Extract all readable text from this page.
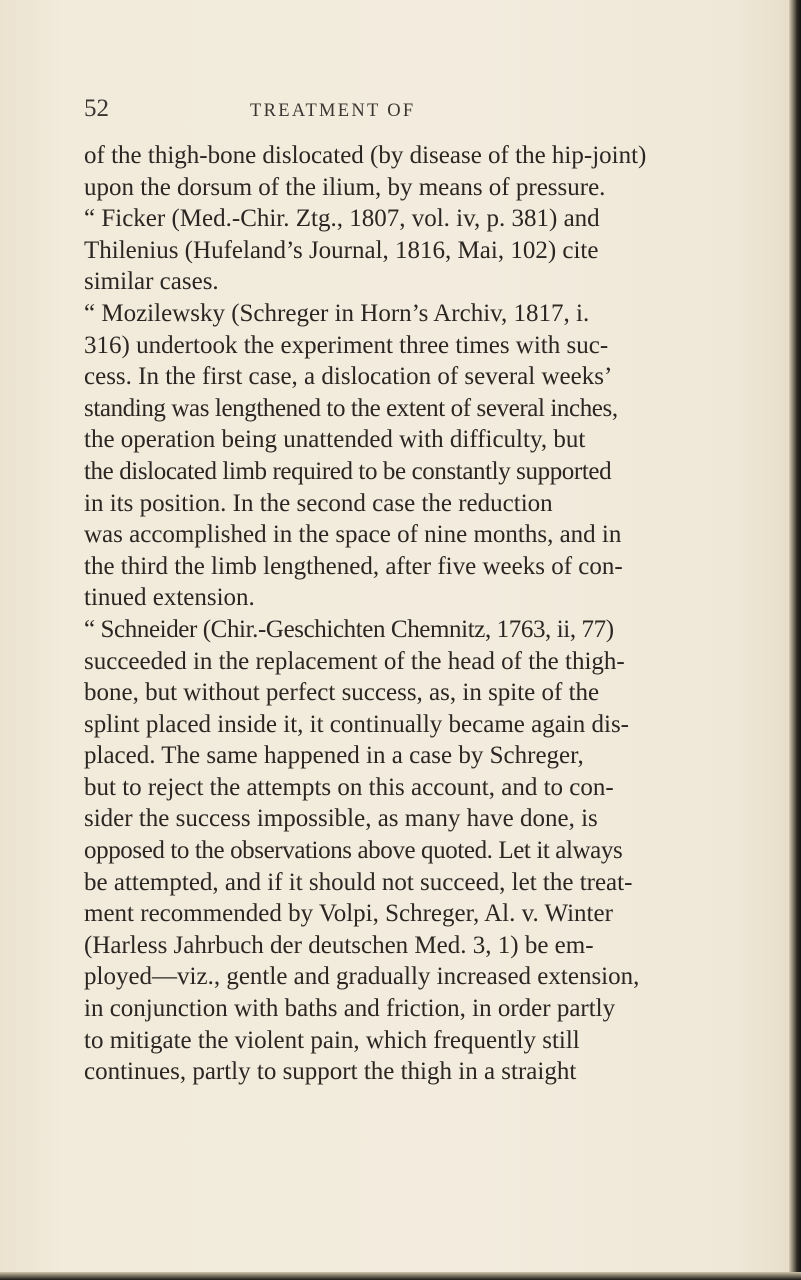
52	TREATMENT OF
of the thigh-bone dislocated (by disease of the hip-joint)
upon the dorsum of the ilium, by means of pressure.
“ Ficker (Med.-Chir. Ztg., 1807, vol. iv, p. 381) and
Thilenius (Hufeland’s Journal, 1816, Mai, 102) cite
similar cases.
“ Mozilewsky (Schreger in Horn’s Archiv, 1817, i.
316) undertook the experiment three times with suc-
cess. In the first case, a dislocation of several weeks’
standing was lengthened to the extent of several inches,
the operation being unattended with difficulty, but
the dislocated limb required to be constantly supported
in its position. In the second case the reduction
was accomplished in the space of nine months, and in
the third the limb lengthened, after five weeks of con-
tinued extension.
“ Schneider (Chir.-Geschichten Chemnitz, 1763, ii, 77)
succeeded in the replacement of the head of the thigh-
bone, but without perfect success, as, in spite of the
splint placed inside it, it continually became again dis-
placed. The same happened in a case by Schreger,
but to reject the attempts on this account, and to con-
sider the success impossible, as many have done, is
opposed to the observations above quoted. Let it always
be attempted, and if it should not succeed, let the treat-
ment recommended by Volpi, Schreger, Al. v. Winter
(Harless Jahrbuch der deutschen Med. 3, 1) be em-
ployed—viz., gentle and gradually increased extension,
in conjunction with baths and friction, in order partly
to mitigate the violent pain, which frequently still
continues, partly to support the thigh in a straight
